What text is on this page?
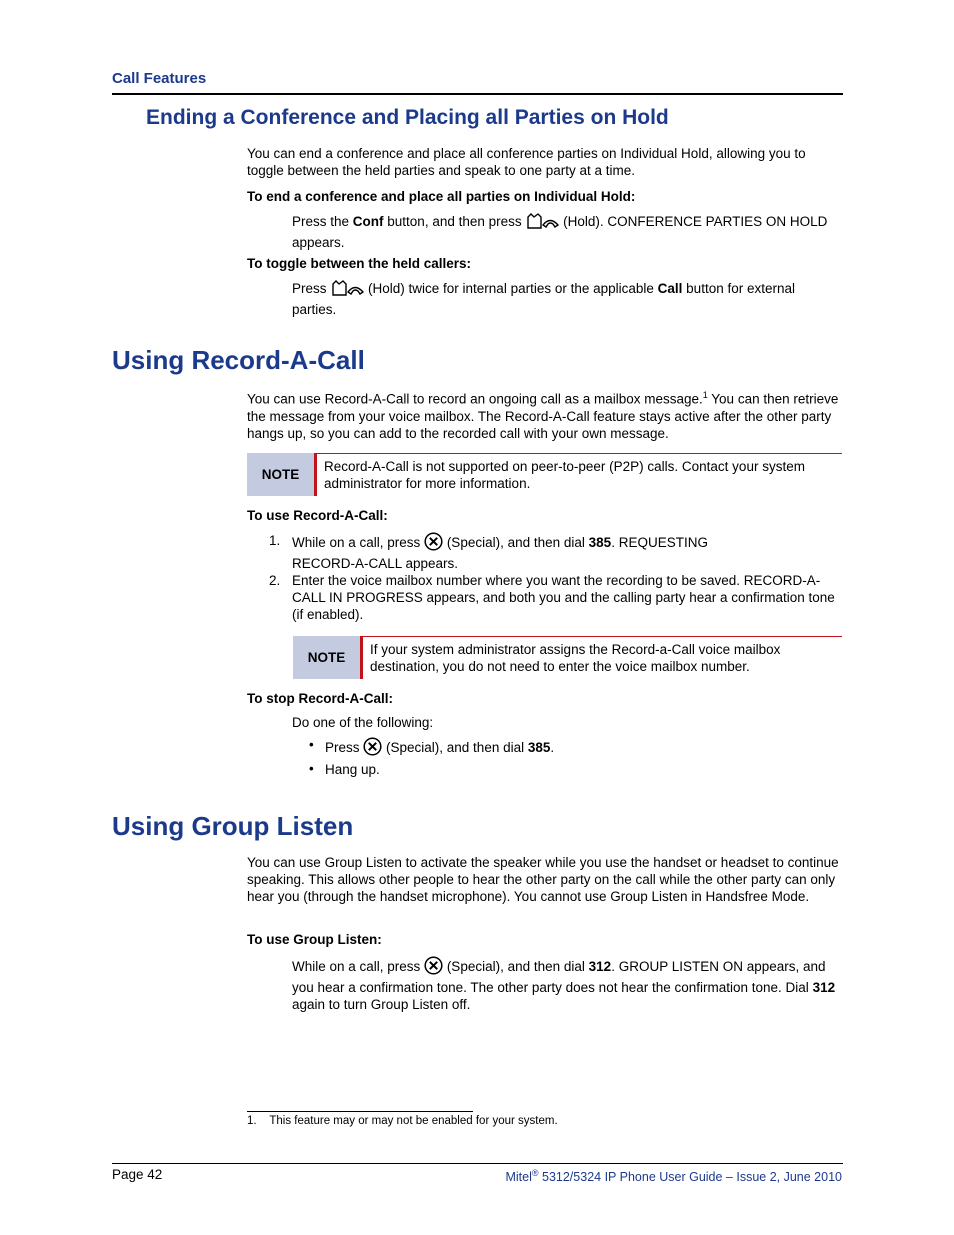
Call Features
Ending a Conference and Placing all Parties on Hold

You can end a conference and place all conference parties on Individual Hold, allowing you to toggle between the held parties and speak to one party at a time.

To end a conference and place all parties on Individual Hold:

Press the Conf button, and then press	(Hold). CONFERENCE PARTIES ON HOLD appears.

To toggle between the held callers:

Press	(Hold) twice for internal parties or the applicable Call button for external parties.

Using Record-A-Call

You can use Record-A-Call to record an ongoing call as a mailbox message.$^1$ You can then retrieve the message from your voice mailbox. The Record-A-Call feature stays active after the other party hangs up, so you can add to the recorded call with your own message.

NOTE
Record-A-Call is not supported on peer-to-peer (P2P) calls. Contact your system administrator for more information.
To use Record-A-Call:
1. While on a call, press  (Special), and then dial 385. REQUESTING RECORD-A-CALL appears.

2. Enter the voice mailbox number where you want the recording to be saved. RECORD-A-CALL IN PROGRESS appears, and both you and the calling party hear a confirmation tone (if enabled).

NOTE
If your system administrator assigns the Record-a-Call voice mailbox destination, you do not need to enter the voice mailbox number.
To stop Record-A-Call:

Do one of the following:

• Press  (Special), and then dial 385.

• Hang up.

Using Group Listen

You can use Group Listen to activate the speaker while you use the handset or headset to continue speaking. This allows other people to hear the other party on the call while the other party can only hear you (through the handset microphone). You cannot use Group Listen in Handsfree Mode.

To use Group Listen:

While on a call, press  (Special), and then dial 312. GROUP LISTEN ON appears, and you hear a confirmation tone. The other party does not hear the confirmation tone. Dial 312 again to turn Group Listen off.

1. This feature may or may not be enabled for your system.
Page 42	Mitel® 5312/5324 IP Phone User Guide – Issue 2, June 2010
